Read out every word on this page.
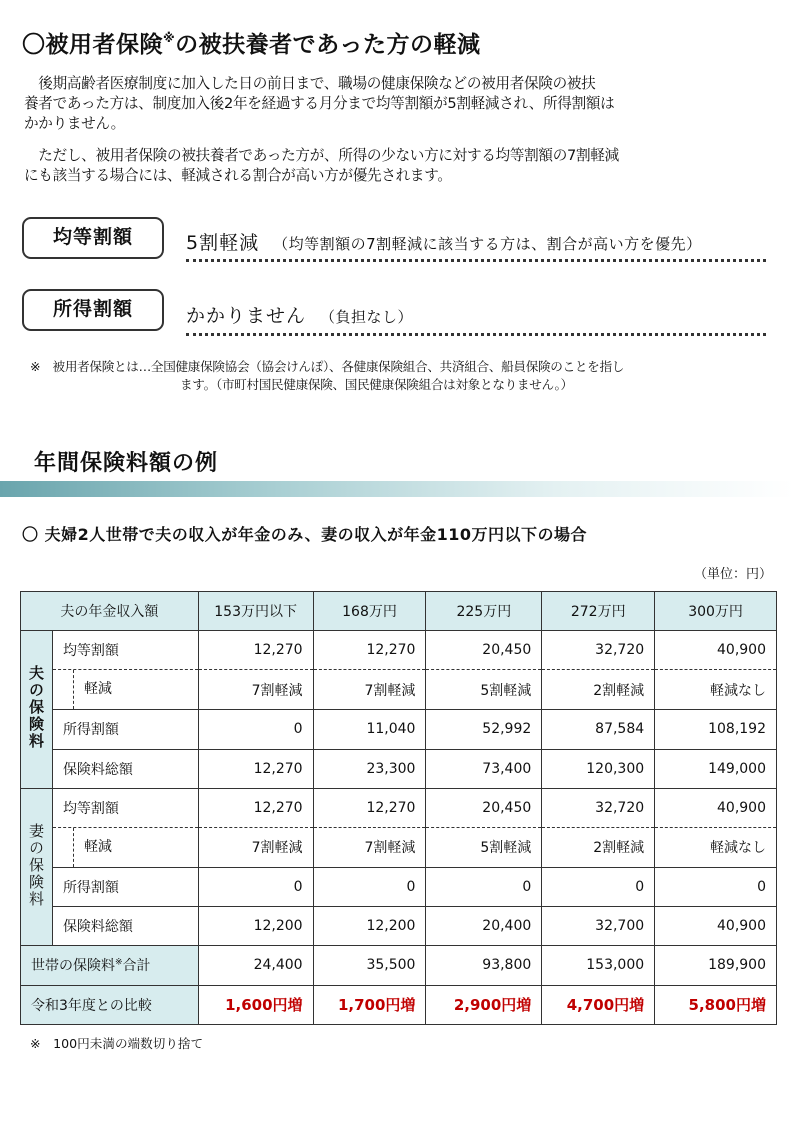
〇被用者保険※の被扶養者であった方の軽減
　後期高齢者医療制度に加入した日の前日まで、職場の健康保険などの被用者保険の被扶
養者であった方は、制度加入後2年を経過する月分まで均等割額が5割軽減され、所得割額は
かかりません。
　ただし、被用者保険の被扶養者であった方が、所得の少ない方に対する均等割額の7割軽減
にも該当する場合には、軽減される割合が高い方が優先されます。
均等割額	5割軽減 （均等割額の7割軽減に該当する方は、割合が高い方を優先）
所得割額	かかりません （負担なし）
※　被用者保険とは…全国健康保険協会（協会けんぽ）、各健康保険組合、共済組合、船員保険のことを指し
ます。（市町村国民健康保険、国民健康保険組合は対象となりません。）
年間保険料額の例
〇 夫婦2人世帯で夫の収入が年金のみ、妻の収入が年金110万円以下の場合
（単位：円）
夫の年金収入額		153万円以下	168万円	225万円	272万円	300万円
夫の保険料	均等割額	12,270	12,270	20,450	32,720	40,900

	軽減	7割軽減	7割軽減	5割軽減	2割軽減	軽減なし
	所得割額	0	11,040	52,992	87,584	108,192
	保険料総額	12,270	23,300	73,400	120,300	149,000
妻の保険料	均等割額	12,270	12,270	20,450	32,720	40,900

	軽減	7割軽減	7割軽減	5割軽減	2割軽減	軽減なし
	所得割額	0	0	0	0	0
	保険料総額	12,200	12,200	20,400	32,700	40,900
世帯の保険料※合計		24,400	35,500	93,800	153,000	189,900
令和3年度との比較		1,600円増	1,700円増	2,900円増	4,700円増	5,800円増
※　100円未満の端数切り捨て
